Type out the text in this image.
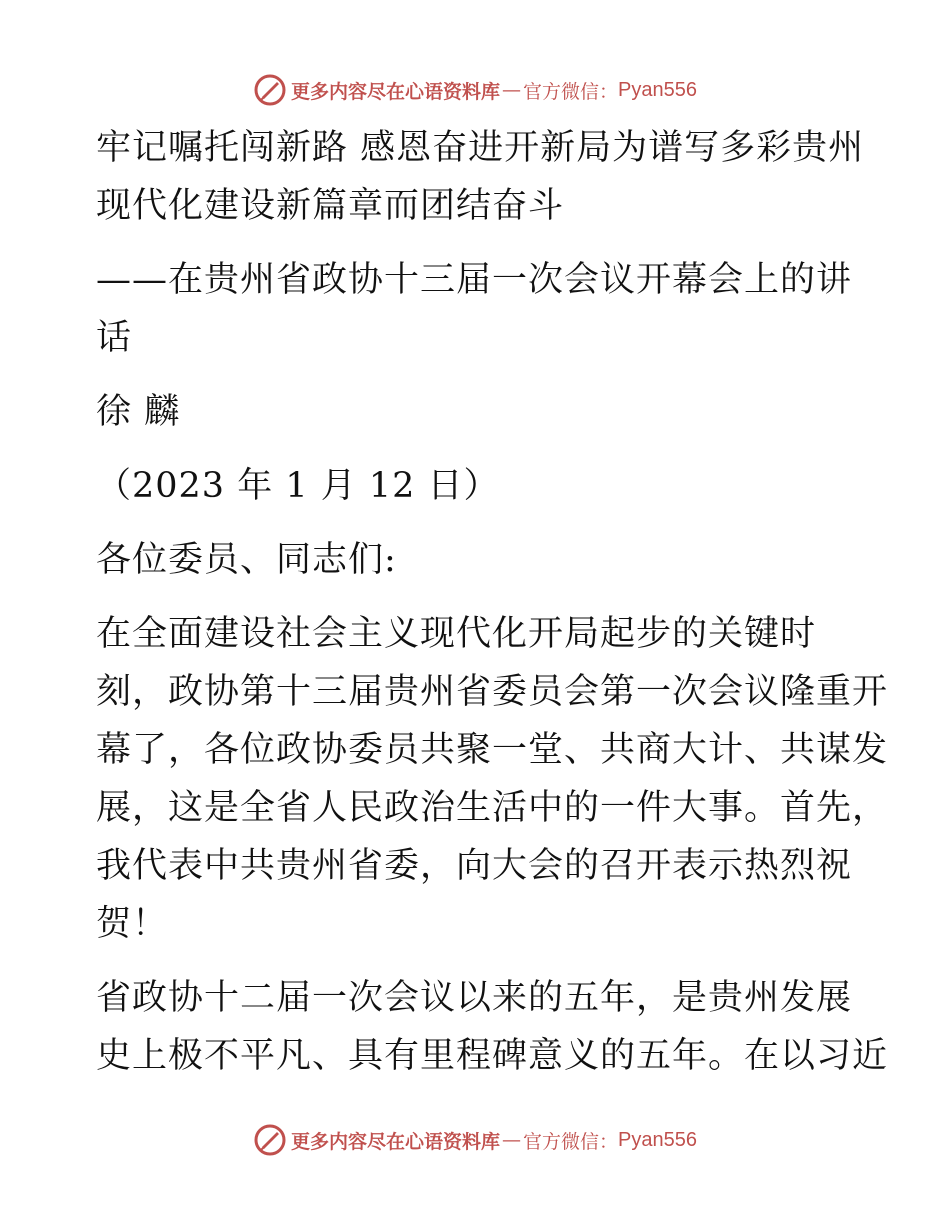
更多内容尽在心语资料库 — 官方微信： Pyan556
牢记嘱托闯新路 感恩奋进开新局为谱写多彩贵州
现代化建设新篇章而团结奋斗
——在贵州省政协十三届一次会议开幕会上的讲
话
徐 麟
（2023 年 1 月 12 日）
各位委员、同志们:
在全面建设社会主义现代化开局起步的关键时
刻，政协第十三届贵州省委员会第一次会议隆重开
幕了，各位政协委员共聚一堂、共商大计、共谋发
展，这是全省人民政治生活中的一件大事。首先，
我代表中共贵州省委，向大会的召开表示热烈祝
贺！
省政协十二届一次会议以来的五年，是贵州发展
史上极不平凡、具有里程碑意义的五年。在以习近
更多内容尽在心语资料库 — 官方微信： Pyan556
